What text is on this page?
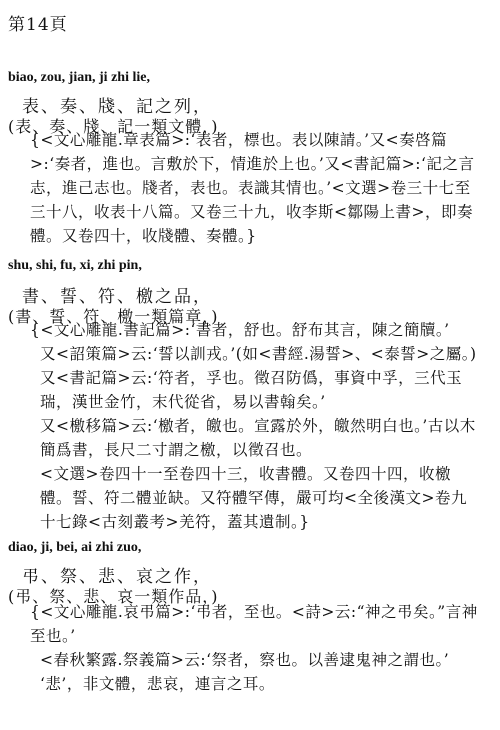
第14頁
biao, zou, jian, ji zhi lie,
表、奏、牋、記之列，
(表、奏、牋、記一類文體，)

{<文心雕龍.章表篇>:‘表者，標也。表以陳請。’又<奏啓篇>:‘奏者，進也。言敷於下，情進於上也。’又<書記篇>:‘記之言志，進己志也。牋者，表也。表識其情也。’<文選>卷三十七至三十八，收表十八篇。又卷三十九，收李斯<鄒陽上書>，即奏體。又卷四十，收牋體、奏體。}

shu, shi, fu, xi, zhi pin,
書、誓、符、檄之品，
(書、誓、符、檄一類篇章，)

{<文心雕龍.書記篇>:‘書者，舒也。舒布其言，陳之簡牘。’

又<詔策篇>云:‘誓以訓戎。’(如<書經.湯誓>、<泰誓>之屬。)

又<書記篇>云:‘符者，孚也。徵召防僞，事資中孚，三代玉瑞，漢世金竹，末代從省，易以書翰矣。’

又<檄移篇>云:‘檄者，皦也。宣露於外，皦然明白也。’古以木簡爲書，長尺二寸謂之檄，以徵召也。

<文選>卷四十一至卷四十三，收書體。又卷四十四，收檄體。誓、符二體並缺。又符體罕傳，嚴可均<全後漢文>卷九十七錄<古刻叢考>羌符，蓋其遺制。}

diao, ji, bei, ai zhi zuo,
弔、祭、悲、哀之作，
(弔、祭、悲、哀一類作品，)

{<文心雕龍.哀弔篇>:‘弔者，至也。<詩>云:“神之弔矣。”言神至也。’

<春秋繁露.祭義篇>云:‘祭者，察也。以善逮鬼神之謂也。’

‘悲’，非文體，悲哀，連言之耳。
